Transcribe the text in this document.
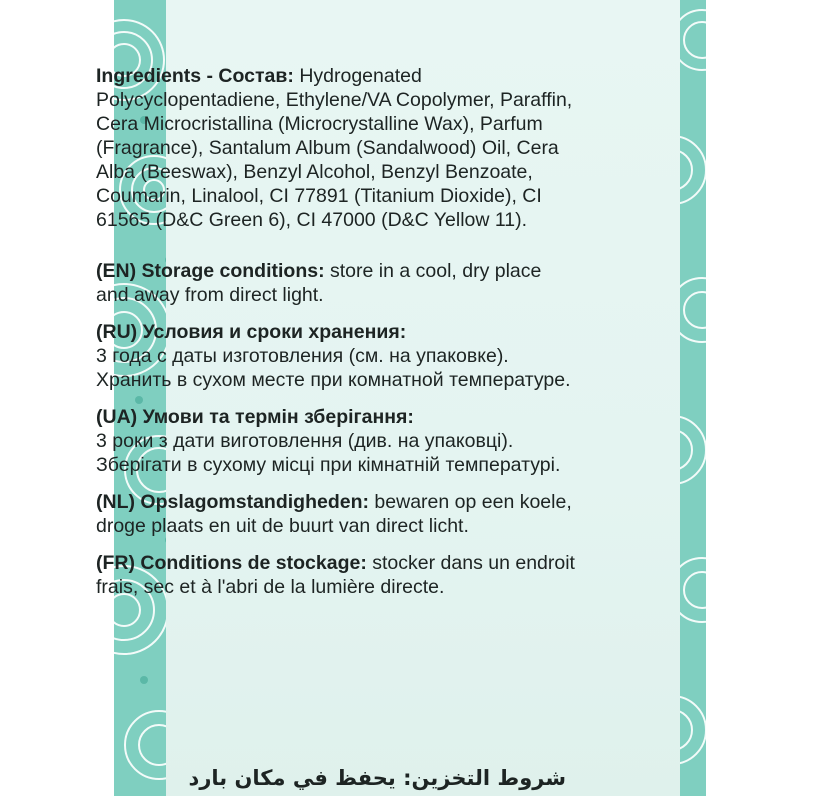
Ingredients - Состав: Hydrogenated Polycyclopentadiene, Ethylene/VA Copolymer, Paraffin, Cera Microcristallina (Microcrystalline Wax), Parfum (Fragrance), Santalum Album (Sandalwood) Oil, Cera Alba (Beeswax), Benzyl Alcohol, Benzyl Benzoate, Coumarin, Linalool, CI 77891 (Titanium Dioxide), CI 61565 (D&C Green 6), CI 47000 (D&C Yellow 11).

(EN) Storage conditions: store in a cool, dry place and away from direct light.

(RU) Условия и сроки хранения:
3 года с даты изготовления (см. на упаковке). Хранить в сухом месте при комнатной температуре.

(UA) Умови та термін зберігання:
3 роки з дати виготовлення (див. на упаковці). Зберігати в сухому місці при кімнатній температурі.

(NL) Opslagomstandigheden: bewaren op een koele, droge plaats en uit de buurt van direct licht.

(FR) Conditions de stockage: stocker dans un endroit frais, sec et à l'abri de la lumière directe.

شروط التخزين: يحفظ في مكان بارد
